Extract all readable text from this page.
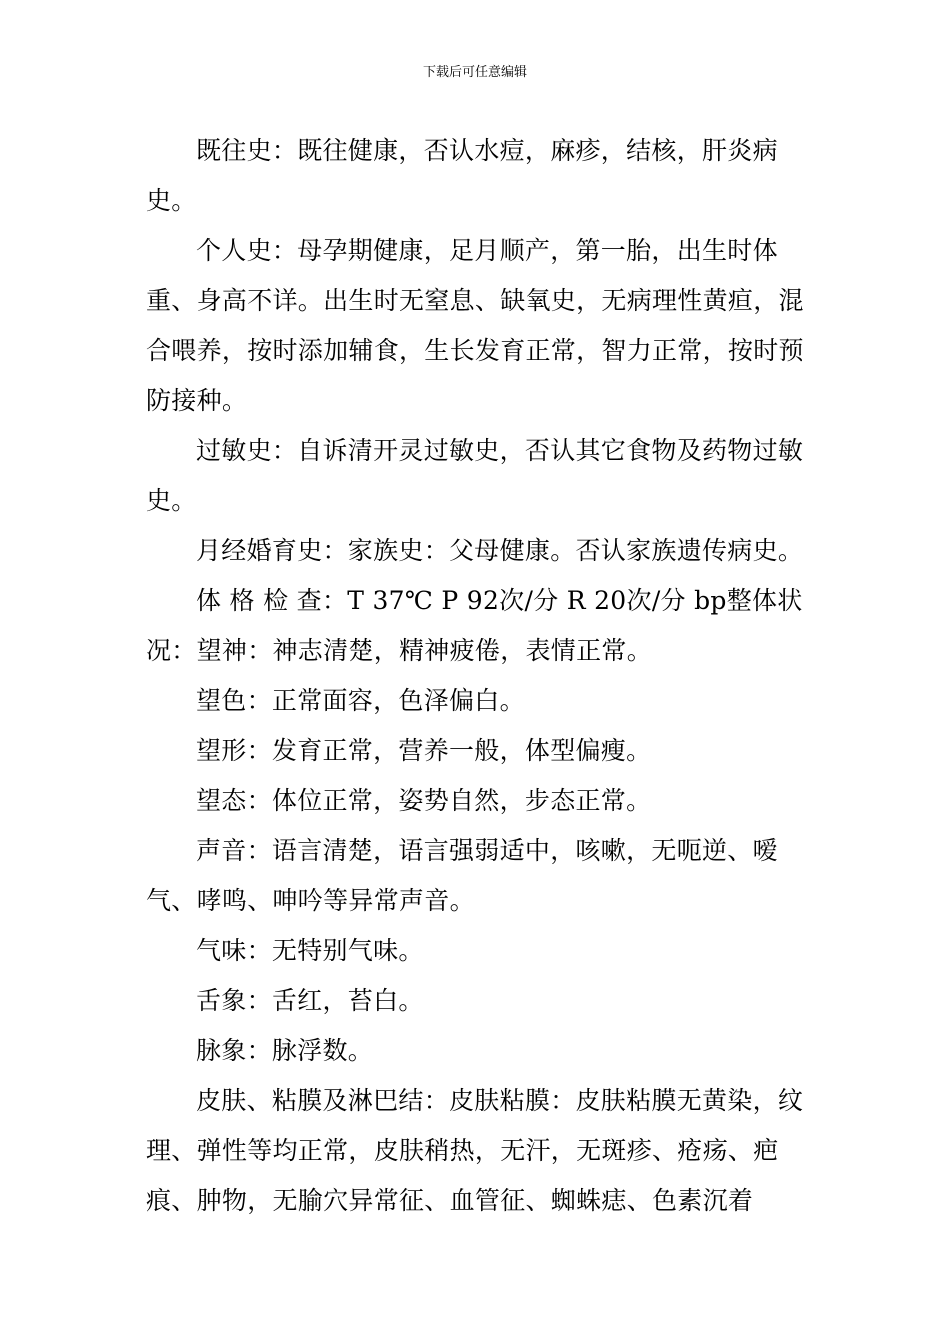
下载后可任意编辑

既往史：既往健康，否认水痘，麻疹，结核，肝炎病史。

个人史：母孕期健康，足月顺产，第一胎，出生时体重、身高不详。出生时无窒息、缺氧史，无病理性黄疸，混合喂养，按时添加辅食，生长发育正常，智力正常，按时预防接种。

过敏史：自诉清开灵过敏史，否认其它食物及药物过敏史。

月经婚育史：家族史：父母健康。否认家族遗传病史。

体 格 检 查：T 37℃ P 92次/分 R 20次/分 bp整体状况：望神：神志清楚，精神疲倦，表情正常。

望色：正常面容，色泽偏白。

望形：发育正常，营养一般，体型偏瘦。

望态：体位正常，姿势自然，步态正常。

声音：语言清楚，语言强弱适中，咳嗽，无呃逆、嗳气、哮鸣、呻吟等异常声音。

气味：无特别气味。

舌象：舌红，苔白。

脉象：脉浮数。

皮肤、粘膜及淋巴结：皮肤粘膜：皮肤粘膜无黄染，纹理、弹性等均正常，皮肤稍热，无汗，无斑疹、疮疡、疤痕、肿物，无腧穴异常征、血管征、蜘蛛痣、色素沉着
